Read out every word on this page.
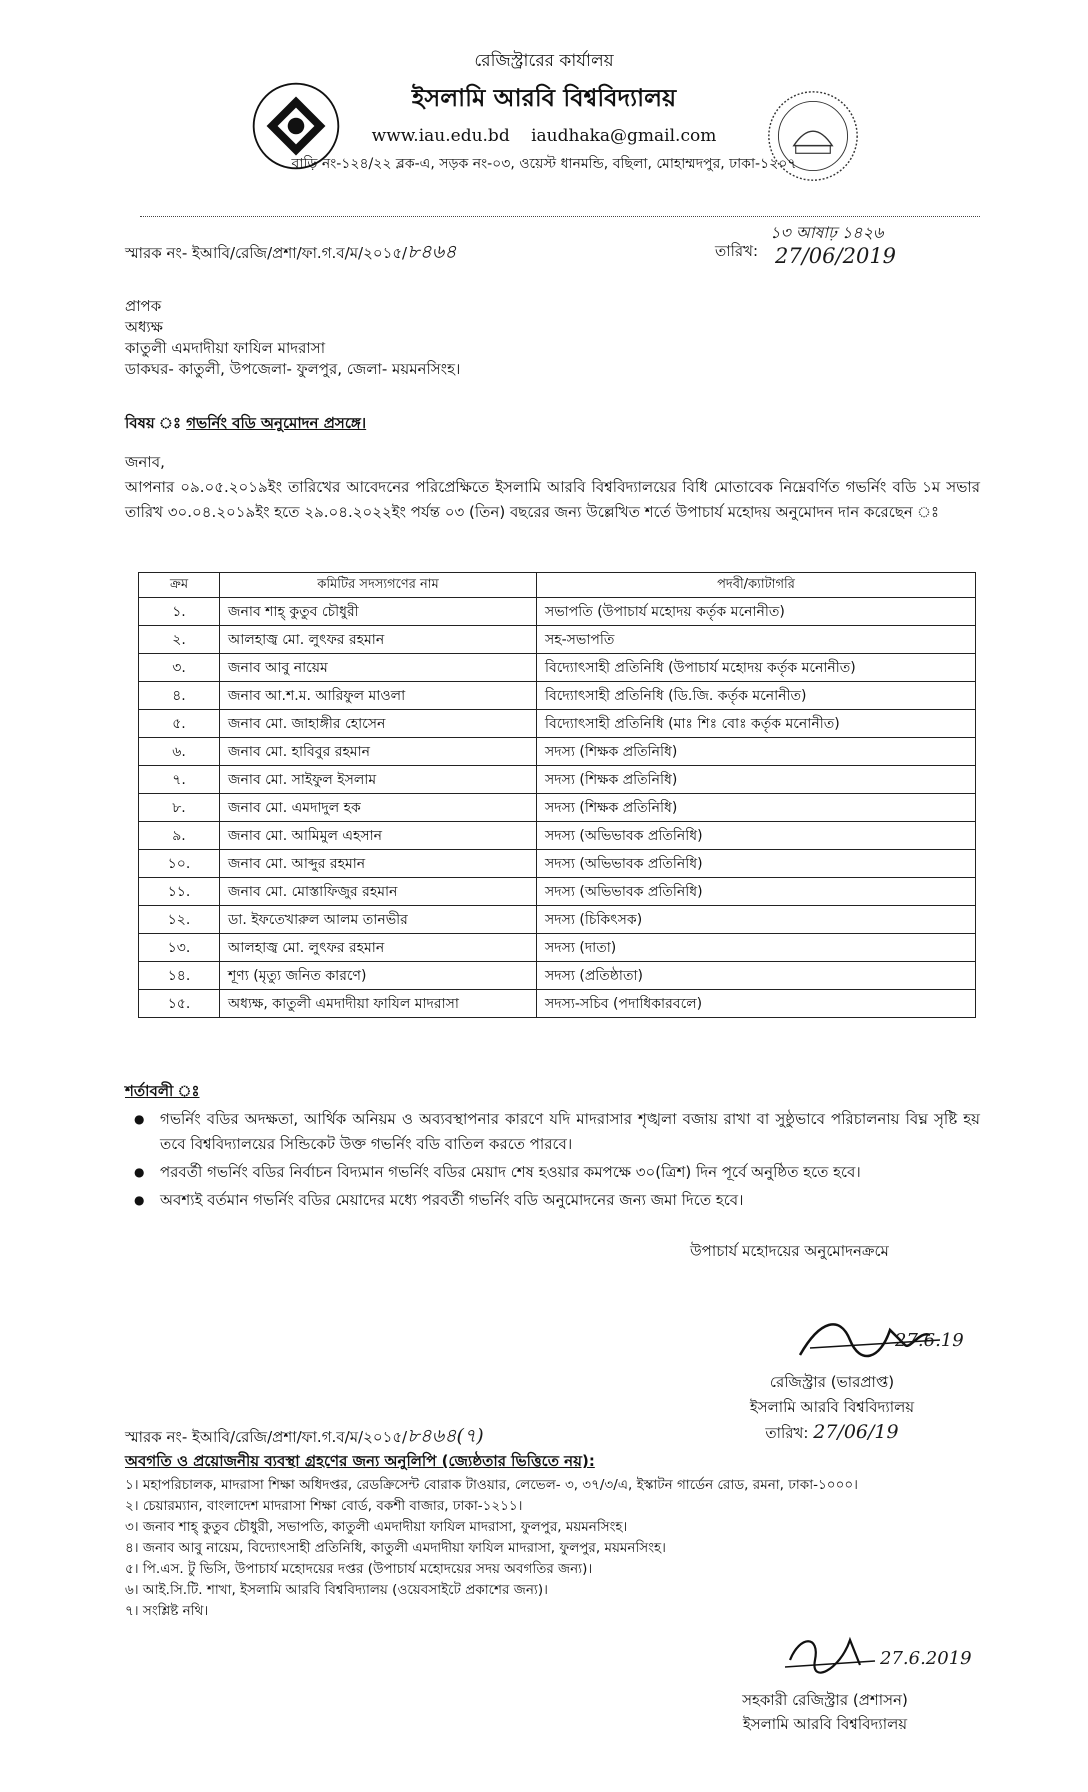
রেজিস্ট্রারের কার্যালয়
ইসলামি আরবি বিশ্ববিদ্যালয়
www.iau.edu.bd iaudhaka@gmail.com
বাড়ি নং-১২৪/২২ ব্লক-এ, সড়ক নং-০৩, ওয়েস্ট ধানমন্ডি, বছিলা, মোহাম্মদপুর, ঢাকা-১২০৭
স্মারক নং- ইআবি/রেজি/প্রশা/ফা.গ.ব/ম/২০১৫/৮৪৬৪	তারিখ:
১৩ আষাঢ় ১৪২৬
27/06/2019
প্রাপক
অধ্যক্ষ
কাতুলী এমদাদীয়া ফাযিল মাদরাসা
ডাকঘর- কাতুলী, উপজেলা- ফুলপুর, জেলা- ময়মনসিংহ।
বিষয় ঃ গভর্নিং বডি অনুমোদন প্রসঙ্গে।
জনাব,
আপনার ০৯.০৫.২০১৯ইং তারিখের আবেদনের পরিপ্রেক্ষিতে ইসলামি আরবি বিশ্ববিদ্যালয়ের বিধি মোতাবেক নিম্নেবর্ণিত গভর্নিং বডি ১ম সভার তারিখ ৩০.০৪.২০১৯ইং হতে ২৯.০৪.২০২২ইং পর্যন্ত ০৩ (তিন) বছরের জন্য উল্লেখিত শর্তে উপাচার্য মহোদয় অনুমোদন দান করেছেন ঃ
ক্রম	কমিটির সদস্যগণের নাম	পদবী/ক্যাটাগরি
১.	জনাব শাহ্ কুতুব চৌধুরী	সভাপতি (উপাচার্য মহোদয় কর্তৃক মনোনীত)
২.	আলহাজ্ব মো. লুৎফর রহমান	সহ-সভাপতি
৩.	জনাব আবু নায়েম	বিদ্যোৎসাহী প্রতিনিধি (উপাচার্য মহোদয় কর্তৃক মনোনীত)
৪.	জনাব আ.শ.ম. আরিফুল মাওলা	বিদ্যোৎসাহী প্রতিনিধি (ডি.জি. কর্তৃক মনোনীত)
৫.	জনাব মো. জাহাঙ্গীর হোসেন	বিদ্যোৎসাহী প্রতিনিধি (মাঃ শিঃ বোঃ কর্তৃক মনোনীত)
৬.	জনাব মো. হাবিবুর রহমান	সদস্য (শিক্ষক প্রতিনিধি)
৭.	জনাব মো. সাইফুল ইসলাম	সদস্য (শিক্ষক প্রতিনিধি)
৮.	জনাব মো. এমদাদুল হক	সদস্য (শিক্ষক প্রতিনিধি)
৯.	জনাব মো. আমিমুল এহসান	সদস্য (অভিভাবক প্রতিনিধি)
১০.	জনাব মো. আব্দুর রহমান	সদস্য (অভিভাবক প্রতিনিধি)
১১.	জনাব মো. মোস্তাফিজুর রহমান	সদস্য (অভিভাবক প্রতিনিধি)
১২.	ডা. ইফতেখারুল আলম তানভীর	সদস্য (চিকিৎসক)
১৩.	আলহাজ্ব মো. লুৎফর রহমান	সদস্য (দাতা)
১৪.	শূণ্য (মৃত্যু জনিত কারণে)	সদস্য (প্রতিষ্ঠাতা)
১৫.	অধ্যক্ষ, কাতুলী এমদাদীয়া ফাযিল মাদরাসা	সদস্য-সচিব (পদাধিকারবলে)
শর্তাবলী ঃ
● গভর্নিং বডির অদক্ষতা, আর্থিক অনিয়ম ও অব্যবস্থাপনার কারণে যদি মাদরাসার শৃঙ্খলা বজায় রাখা বা সুষ্ঠুভাবে পরিচালনায় বিঘ্ন সৃষ্টি হয় তবে বিশ্ববিদ্যালয়ের সিন্ডিকেট উক্ত গভর্নিং বডি বাতিল করতে পারবে।
● পরবর্তী গভর্নিং বডির নির্বাচন বিদ্যমান গভর্নিং বডির মেয়াদ শেষ হওয়ার কমপক্ষে ৩০(ত্রিশ) দিন পূর্বে অনুষ্ঠিত হতে হবে।
● অবশ্যই বর্তমান গভর্নিং বডির মেয়াদের মধ্যে পরবর্তী গভর্নিং বডি অনুমোদনের জন্য জমা দিতে হবে।
উপাচার্য মহোদয়ের অনুমোদনক্রমে
27.6.19
রেজিস্ট্রার (ভারপ্রাপ্ত)
ইসলামি আরবি বিশ্ববিদ্যালয়
তারিখ: 27/06/19
স্মারক নং- ইআবি/রেজি/প্রশা/ফা.গ.ব/ম/২০১৫/৮৪৬৪(৭)
অবগতি ও প্রয়োজনীয় ব্যবস্থা গ্রহণের জন্য অনুলিপি (জ্যেষ্ঠতার ভিত্তিতে নয়):
১। মহাপরিচালক, মাদরাসা শিক্ষা অধিদপ্তর, রেডক্রিসেন্ট বোরাক টাওয়ার, লেভেল- ৩, ৩৭/৩/এ, ইস্কাটন গার্ডেন রোড, রমনা, ঢাকা-১০০০।
২। চেয়ারম্যান, বাংলাদেশ মাদরাসা শিক্ষা বোর্ড, বকশী বাজার, ঢাকা-১২১১।
৩। জনাব শাহ্ কুতুব চৌধুরী, সভাপতি, কাতুলী এমদাদীয়া ফাযিল মাদরাসা, ফুলপুর, ময়মনসিংহ।
৪। জনাব আবু নায়েম, বিদ্যোৎসাহী প্রতিনিধি, কাতুলী এমদাদীয়া ফাযিল মাদরাসা, ফুলপুর, ময়মনসিংহ।
৫। পি.এস. টু ভিসি, উপাচার্য মহোদয়ের দপ্তর (উপাচার্য মহোদয়ের সদয় অবগতির জন্য)।
৬। আই.সি.টি. শাখা, ইসলামি আরবি বিশ্ববিদ্যালয় (ওয়েবসাইটে প্রকাশের জন্য)।
৭। সংশ্লিষ্ট নথি।
27.6.2019
সহকারী রেজিস্ট্রার (প্রশাসন)
ইসলামি আরবি বিশ্ববিদ্যালয়
